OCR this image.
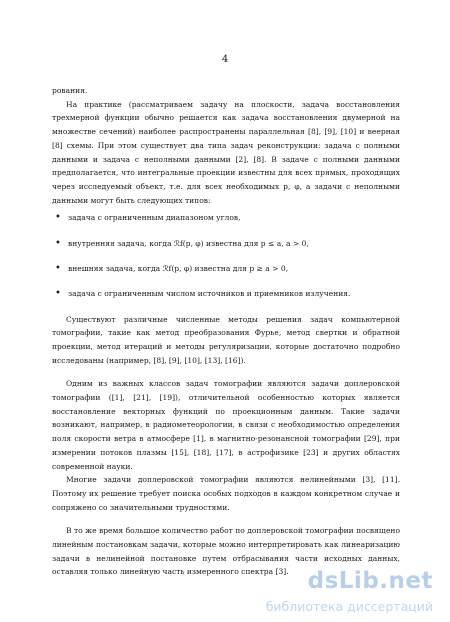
4

рования.

На практике (рассматриваем задачу на плоскости, задача восстановления трехмерной функции обычно решается как задача восстановления двумерной на множестве сечений) наиболее распространены параллельная [8], [9], [10] и веерная [8] схемы. При этом существует два типа задач реконструкции: задача с полными данными и задача с неполными данными [2], [8]. В задаче с полными данными предполагается, что интегральные проекции известны для всех прямых, проходящих через исследуемый объект, т.е. для всех необходимых p, φ, а задачи с неполными данными могут быть следующих типов:

• задача с ограниченным диапазоном углов,
• внутренняя задача, когда ℛf(p, φ) известна для p ≤ a, a > 0,
• внешняя задача, когда ℛf(p, φ) известна для p ≥ a > 0,
• задача с ограниченным числом источников и приемников излучения.

Существуют различные численные методы решения задач компьютерной томографии, такие как метод преобразования Фурье, метод свертки и обратной проекции, метод итераций и методы регуляризации, которые достаточно подробно исследованы (например, [8], [9], [10], [13], [16]).

Одним из важных классов задач томографии являются задачи доплеровской томографии ([1], [21], [19]), отличительной особенностью которых является восстановление векторных функций по проекционным данным. Такие задачи возникают, например, в радиометеорологии, в связи с необходимостью определения поля скорости ветра в атмосфере [1], в магнитно-резонансной томографии [29], при измерении потоков плазмы [15], [18], [17], в астрофизике [23] и других областях современной науки.

Многие задачи доплеровской томографии являются нелинейными [3], [11]. Поэтому их решение требует поиска особых подходов в каждом конкретном случае и сопряжено со значительными трудностями.

В то же время большое количество работ по доплеровской томографии посвящено линейным постановкам задачи, которые можно интерпретировать как линеаризацию задачи в нелинейной постановке путем отбрасывания части исходных данных, оставляя только линейную часть измеренного спектра [3]. dsLib.net
библиотека диссертаций
